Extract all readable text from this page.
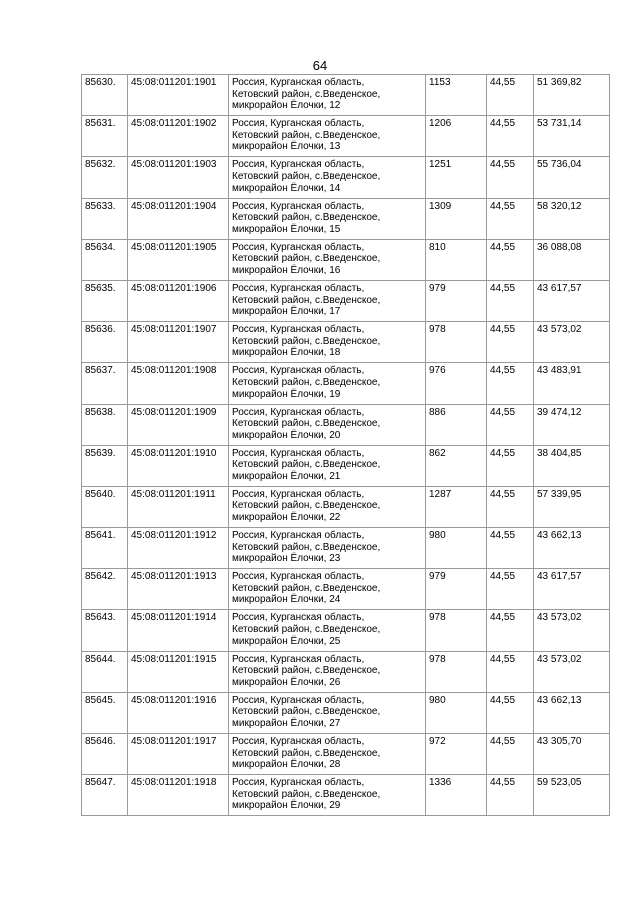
64
85630.	45:08:011201:1901	Россия, Курганская область,
Кетовский район, с.Введенское,
микрорайон Ёлочки, 12	1153	44,55	51 369,82
85631.	45:08:011201:1902	Россия, Курганская область,
Кетовский район, с.Введенское,
микрорайон Ёлочки, 13	1206	44,55	53 731,14
85632.	45:08:011201:1903	Россия, Курганская область,
Кетовский район, с.Введенское,
микрорайон Ёлочки, 14	1251	44,55	55 736,04
85633.	45:08:011201:1904	Россия, Курганская область,
Кетовский район, с.Введенское,
микрорайон Ёлочки, 15	1309	44,55	58 320,12
85634.	45:08:011201:1905	Россия, Курганская область,
Кетовский район, с.Введенское,
микрорайон Ёлочки, 16	810	44,55	36 088,08
85635.	45:08:011201:1906	Россия, Курганская область,
Кетовский район, с.Введенское,
микрорайон Ёлочки, 17	979	44,55	43 617,57
85636.	45:08:011201:1907	Россия, Курганская область,
Кетовский район, с.Введенское,
микрорайон Ёлочки, 18	978	44,55	43 573,02
85637.	45:08:011201:1908	Россия, Курганская область,
Кетовский район, с.Введенское,
микрорайон Ёлочки, 19	976	44,55	43 483,91
85638.	45:08:011201:1909	Россия, Курганская область,
Кетовский район, с.Введенское,
микрорайон Ёлочки, 20	886	44,55	39 474,12
85639.	45:08:011201:1910	Россия, Курганская область,
Кетовский район, с.Введенское,
микрорайон Ёлочки, 21	862	44,55	38 404,85
85640.	45:08:011201:1911	Россия, Курганская область,
Кетовский район, с.Введенское,
микрорайон Ёлочки, 22	1287	44,55	57 339,95
85641.	45:08:011201:1912	Россия, Курганская область,
Кетовский район, с.Введенское,
микрорайон Ёлочки, 23	980	44,55	43 662,13
85642.	45:08:011201:1913	Россия, Курганская область,
Кетовский район, с.Введенское,
микрорайон Ёлочки, 24	979	44,55	43 617,57
85643.	45:08:011201:1914	Россия, Курганская область,
Кетовский район, с.Введенское,
микрорайон Ёлочки, 25	978	44,55	43 573,02
85644.	45:08:011201:1915	Россия, Курганская область,
Кетовский район, с.Введенское,
микрорайон Ёлочки, 26	978	44,55	43 573,02
85645.	45:08:011201:1916	Россия, Курганская область,
Кетовский район, с.Введенское,
микрорайон Ёлочки, 27	980	44,55	43 662,13
85646.	45:08:011201:1917	Россия, Курганская область,
Кетовский район, с.Введенское,
микрорайон Ёлочки, 28	972	44,55	43 305,70
85647.	45:08:011201:1918	Россия, Курганская область,
Кетовский район, с.Введенское,
микрорайон Ёлочки, 29	1336	44,55	59 523,05
